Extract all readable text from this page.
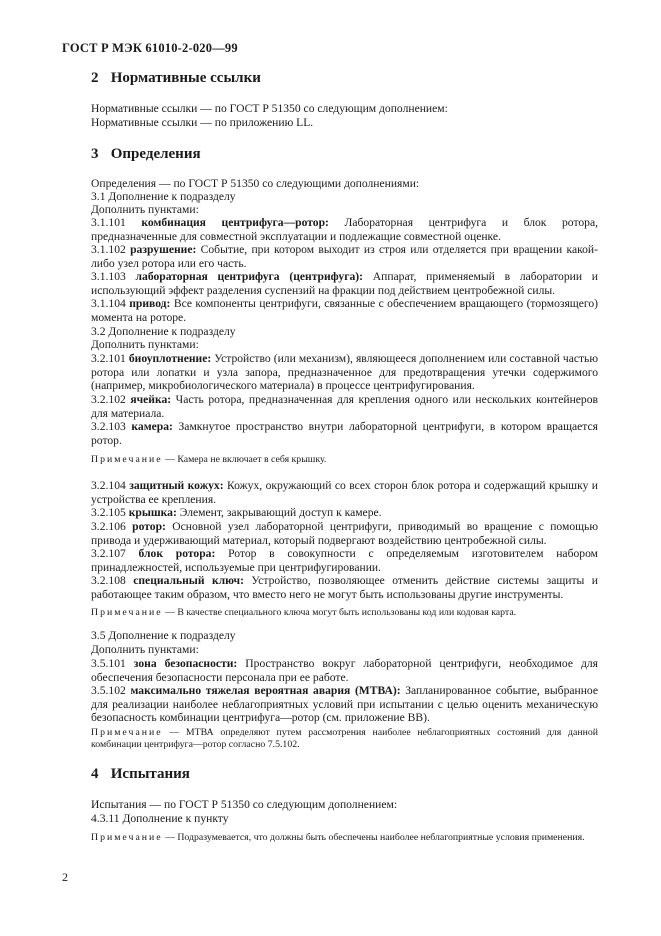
ГОСТ Р МЭК 61010-2-020—99
2 Нормативные ссылки
Нормативные ссылки — по ГОСТ Р 51350 со следующим дополнением:
Нормативные ссылки — по приложению LL.
3 Определения
Определения — по ГОСТ Р 51350 со следующими дополнениями:
3.1 Дополнение к подразделу
Дополнить пунктами:
3.1.101 комбинация центрифуга—ротор: Лабораторная центрифуга и блок ротора, предназначенные для совместной эксплуатации и подлежащие совместной оценке.
3.1.102 разрушение: Событие, при котором выходит из строя или отделяется при вращении какой-либо узел ротора или его часть.
3.1.103 лабораторная центрифуга (центрифуга): Аппарат, применяемый в лаборатории и использующий эффект разделения суспензий на фракции под действием центробежной силы.
3.1.104 привод: Все компоненты центрифуги, связанные с обеспечением вращающего (тормозящего) момента на роторе.
3.2 Дополнение к подразделу
Дополнить пунктами:
3.2.101 биоуплотнение: Устройство (или механизм), являющееся дополнением или составной частью ротора или лопатки и узла запора, предназначенное для предотвращения утечки содержимого (например, микробиологического материала) в процессе центрифугирования.
3.2.102 ячейка: Часть ротора, предназначенная для крепления одного или нескольких контейнеров для материала.
3.2.103 камера: Замкнутое пространство внутри лабораторной центрифуги, в котором вращается ротор.
Примечание — Камера не включает в себя крышку.
3.2.104 защитный кожух: Кожух, окружающий со всех сторон блок ротора и содержащий крышку и устройства ее крепления.
3.2.105 крышка: Элемент, закрывающий доступ к камере.
3.2.106 ротор: Основной узел лабораторной центрифуги, приводимый во вращение с помощью привода и удерживающий материал, который подвергают воздействию центробежной силы.
3.2.107 блок ротора: Ротор в совокупности с определяемым изготовителем набором принадлежностей, используемые при центрифугировании.
3.2.108 специальный ключ: Устройство, позволяющее отменить действие системы защиты и работающее таким образом, что вместо него не могут быть использованы другие инструменты.
Примечание — В качестве специального ключа могут быть использованы код или кодовая карта.
3.5 Дополнение к подразделу
Дополнить пунктами:
3.5.101 зона безопасности: Пространство вокруг лабораторной центрифуги, необходимое для обеспечения безопасности персонала при ее работе.
3.5.102 максимально тяжелая вероятная авария (МТВА): Запланированное событие, выбранное для реализации наиболее неблагоприятных условий при испытании с целью оценить механическую безопасность комбинации центрифуга—ротор (см. приложение ВВ).
Примечание — МТВА определяют путем рассмотрения наиболее неблагоприятных состояний для данной комбинации центрифуга—ротор согласно 7.5.102.
4 Испытания
Испытания — по ГОСТ Р 51350 со следующим дополнением:
4.3.11 Дополнение к пункту
Примечание — Подразумевается, что должны быть обеспечены наиболее неблагоприятные условия применения.
2
